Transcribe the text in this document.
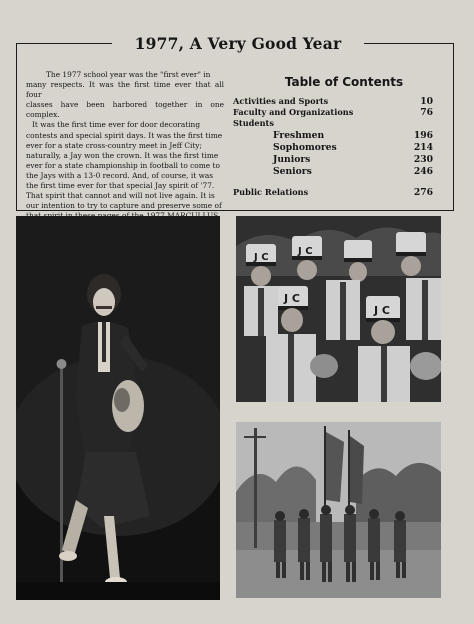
1977, A Very Good Year
The 1977 school year was the "first ever" in
many respects. It was the first time ever that all four
classes have been harbored together in one complex.
It was the first time ever for door decorating
contests and special spirit days. It was the first time
ever for a state cross-country meet in Jeff City;
naturally, a Jay won the crown. It was the first time
ever for a state championship in football to come to
the Jays with a 13-0 record. And, of course, it was
the first time ever for that special Jay spirit of '77.
That spirit that cannot and will not live again. It is
our intention to try to capture and preserve some of
Table of Contents
Activities and Sports	10
Faculty and Organizations	76
Students
Freshmen	196
Sophomores	214
Juniors	230
Seniors	246
Public Relations	276
J C
J C
J C
J C
